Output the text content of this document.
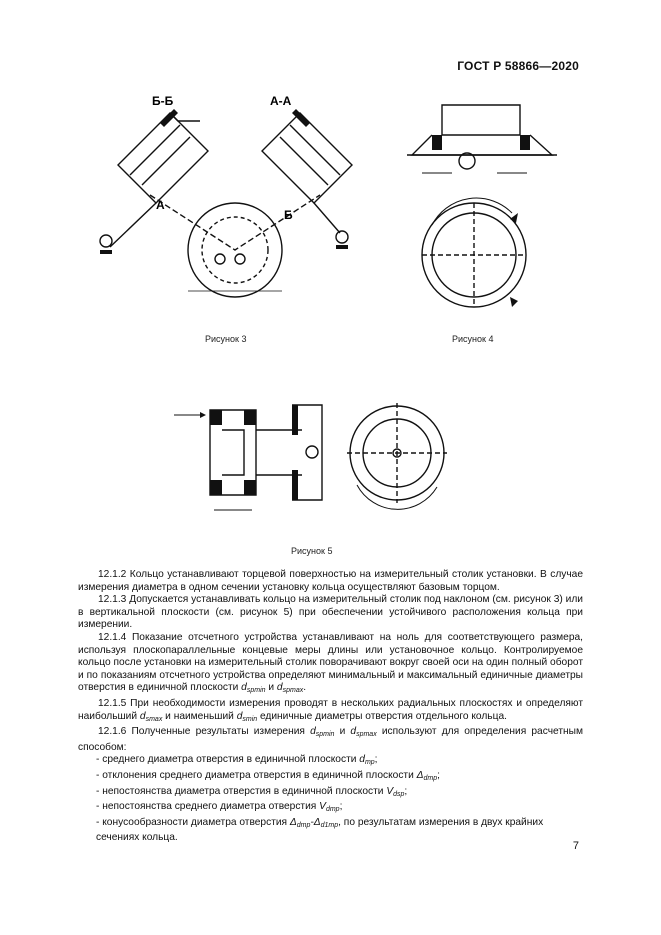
ГОСТ Р 58866—2020
Б-Б	А-А
А
Б
Рисунок 3	Рисунок 4
Рисунок 5

12.1.2 Кольцо устанавливают торцевой поверхностью на измерительный столик установки. В случае измерения диаметра в одном сечении установку кольца осуществляют базовым торцом.

12.1.3 Допускается устанавливать кольцо на измерительный столик под наклоном (см. рисунок 3) или в вертикальной плоскости (см. рисунок 5) при обеспечении устойчивого расположения кольца при измерении.

12.1.4 Показание отсчетного устройства устанавливают на ноль для соответствующего размера, используя плоскопараллельные концевые меры длины или установочное кольцо. Контролируемое кольцо после установки на измерительный столик поворачивают вокруг своей оси на один полный оборот и по показаниям отсчетного устройства определяют минимальный и максимальный единичные диаметры отверстия в единичной плоскости $d_{spmin}$ и $d_{spmax}$.

12.1.5 При необходимости измерения проводят в нескольких радиальных плоскостях и определяют наибольший $d_{smax}$ и наименьший $d_{smin}$ единичные диаметры отверстия отдельного кольца.

12.1.6 Полученные результаты измерения $d_{spmin}$ и $d_{spmax}$ используют для определения расчетным способом:

- среднего диаметра отверстия в единичной плоскости $d_{mp}$;

- отклонения среднего диаметра отверстия в единичной плоскости $\Delta_{dmp}$;

- непостоянства диаметра отверстия в единичной плоскости $V_{dsp}$;

- непостоянства среднего диаметра отверстия $V_{dmp}$;

- конусообразности диаметра отверстия $\Delta_{dmp}-\Delta_{d1mp}$, по результатам измерения в двух крайних сечениях кольца.

7
